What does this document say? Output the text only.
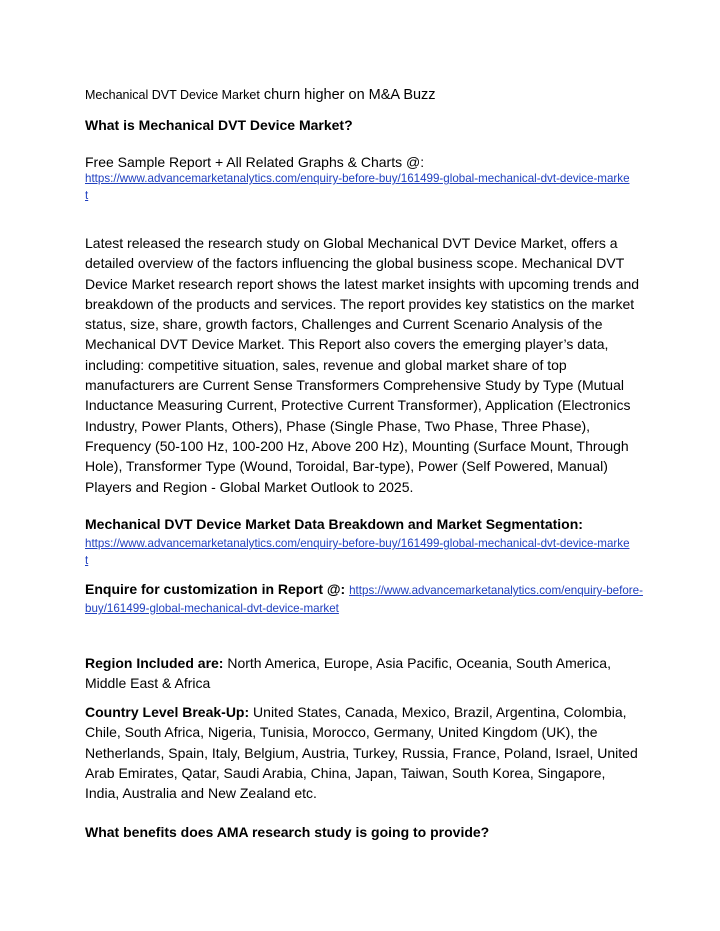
Mechanical DVT Device Market churn higher on M&A Buzz

What is Mechanical DVT Device Market?

Free Sample Report + All Related Graphs & Charts @:

https://www.advancemarketanalytics.com/enquiry-before-buy/161499-global-mechanical-dvt-device-market

Latest released the research study on Global Mechanical DVT Device Market, offers a detailed overview of the factors influencing the global business scope. Mechanical DVT Device Market research report shows the latest market insights with upcoming trends and breakdown of the products and services. The report provides key statistics on the market status, size, share, growth factors, Challenges and Current Scenario Analysis of the Mechanical DVT Device Market. This Report also covers the emerging player’s data, including: competitive situation, sales, revenue and global market share of top manufacturers are Current Sense Transformers Comprehensive Study by Type (Mutual Inductance Measuring Current, Protective Current Transformer), Application (Electronics Industry, Power Plants, Others), Phase (Single Phase, Two Phase, Three Phase), Frequency (50-100 Hz, 100-200 Hz, Above 200 Hz), Mounting (Surface Mount, Through Hole), Transformer Type (Wound, Toroidal, Bar-type), Power (Self Powered, Manual) Players and Region - Global Market Outlook to 2025.

Mechanical DVT Device Market Data Breakdown and Market Segmentation:

https://www.advancemarketanalytics.com/enquiry-before-buy/161499-global-mechanical-dvt-device-market

Enquire for customization in Report @: https://www.advancemarketanalytics.com/enquiry-before-buy/161499-global-mechanical-dvt-device-market

Region Included are: North America, Europe, Asia Pacific, Oceania, South America, Middle East & Africa

Country Level Break-Up: United States, Canada, Mexico, Brazil, Argentina, Colombia, Chile, South Africa, Nigeria, Tunisia, Morocco, Germany, United Kingdom (UK), the Netherlands, Spain, Italy, Belgium, Austria, Turkey, Russia, France, Poland, Israel, United Arab Emirates, Qatar, Saudi Arabia, China, Japan, Taiwan, South Korea, Singapore, India, Australia and New Zealand etc.

What benefits does AMA research study is going to provide?
